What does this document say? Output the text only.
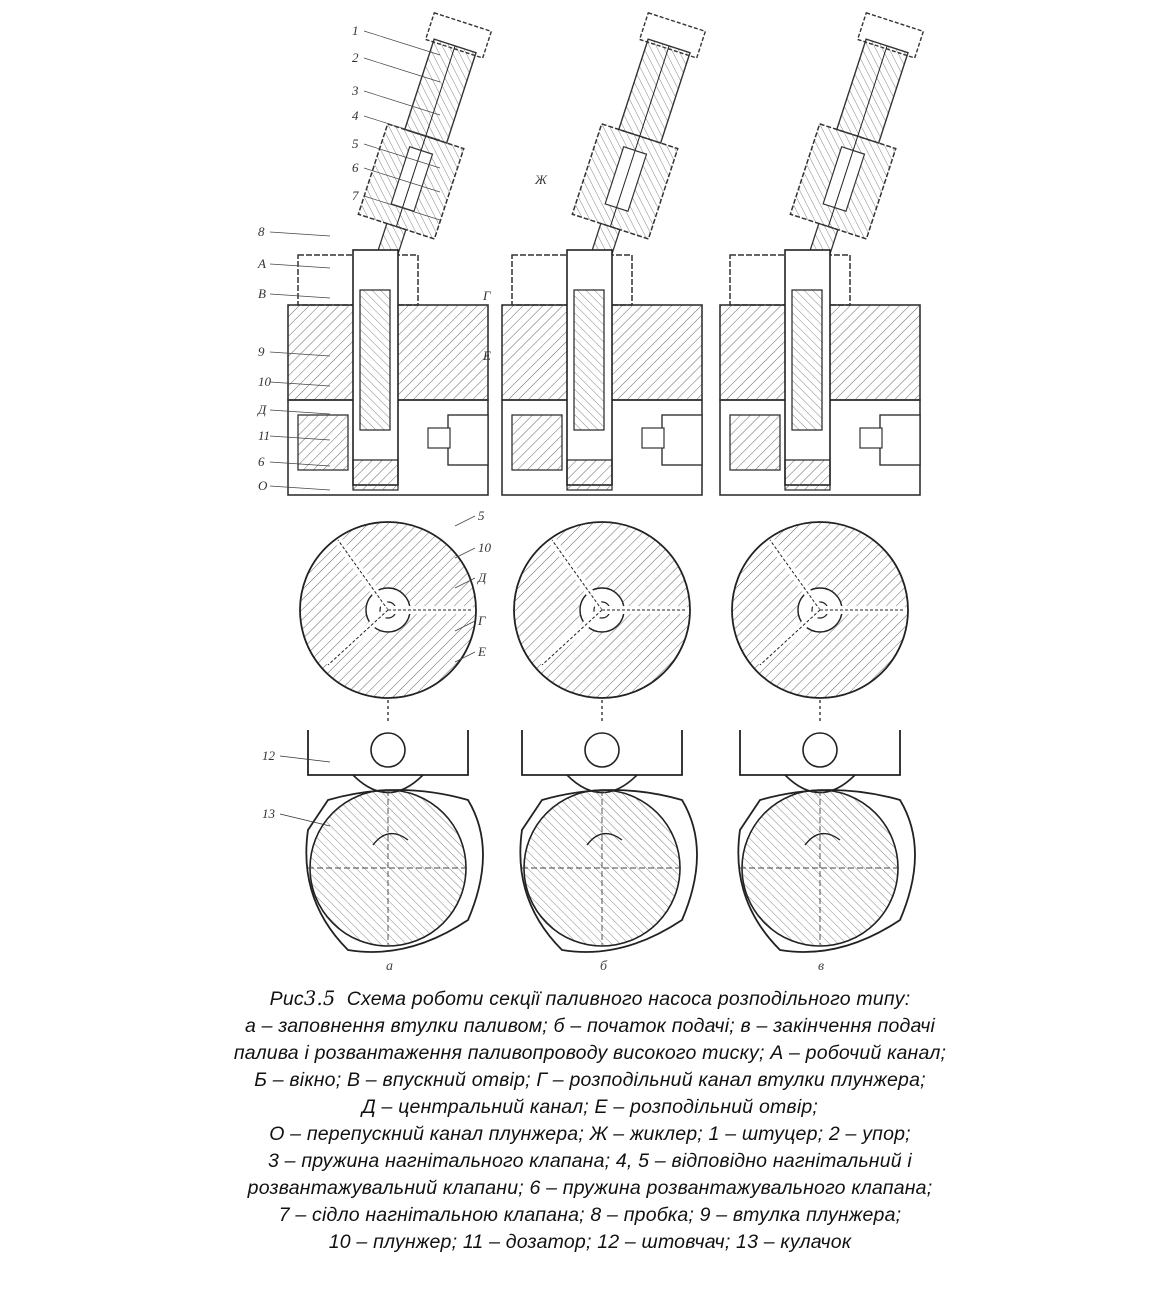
1
2
3
4
5
6
7
8
А
В
9
10
Д
11
6
О
Ж
Г
Е
5
10
Д
Г
Е
12
13
а	б	в
Рис3.5 Схема роботи секції паливного насоса розподільного типу:
а – заповнення втулки паливом; б – початок подачі; в – закінчення подачі
палива і розвантаження паливопроводу високого тиску; А – робочий канал;
Б – вікно; В – впускний отвір; Г – розподільний канал втулки плунжера;
Д – центральний канал; Е – розподільний отвір;
О – перепускний канал плунжера; Ж – жиклер; 1 – штуцер; 2 – упор;
3 – пружина нагнітального клапана; 4, 5 – відповідно нагнітальний і
розвантажувальний клапани; 6 – пружина розвантажувального клапана;
7 – сідло нагнітальною клапана; 8 – пробка; 9 – втулка плунжера;
10 – плунжер; 11 – дозатор; 12 – штовчач; 13 – кулачок
